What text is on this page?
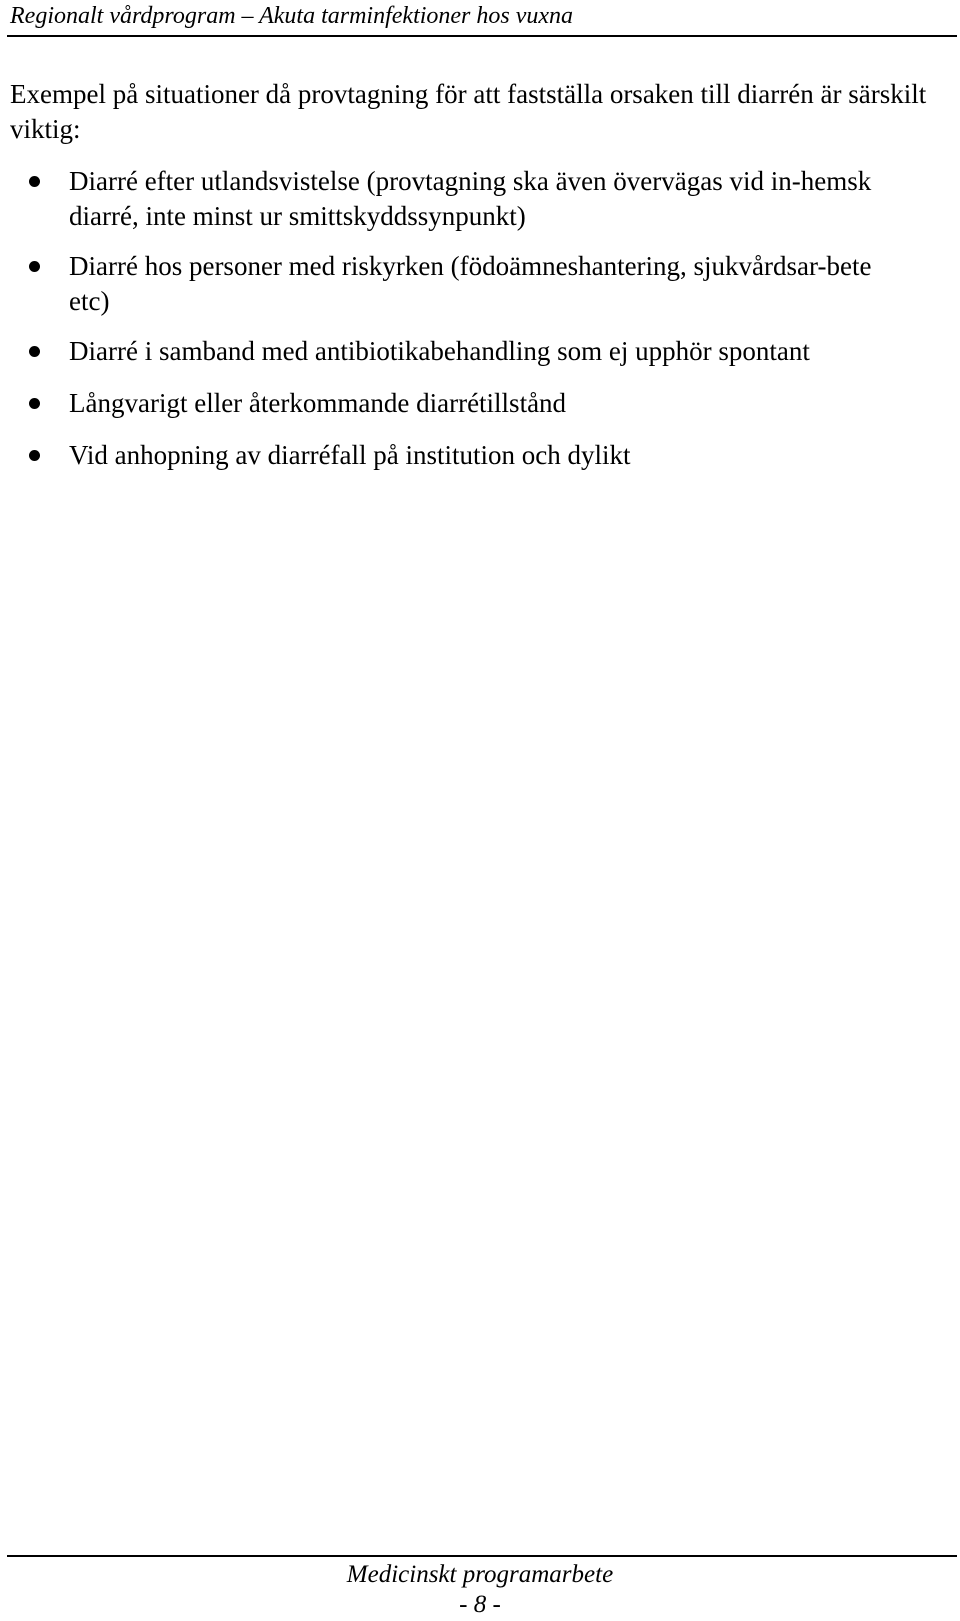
Regionalt vårdprogram – Akuta tarminfektioner hos vuxna
Exempel på situationer då provtagning för att fastställa orsaken till diarrén är särskilt viktig:
Diarré efter utlandsvistelse (provtagning ska även övervägas vid in-hemsk diarré, inte minst ur smittskyddssynpunkt)
Diarré hos personer med riskyrken (födoämneshantering, sjukvårdsar-bete etc)
Diarré i samband med antibiotikabehandling som ej upphör spontant
Långvarigt eller återkommande diarrétillstånd
Vid anhopning av diarréfall på institution och dylikt
Medicinskt programarbete
- 8 -
